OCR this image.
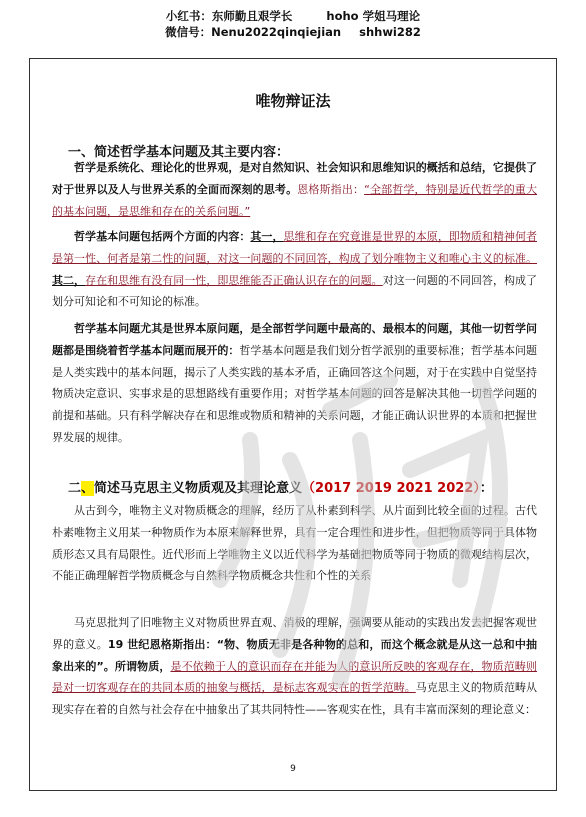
小红书：东师勤且艰学长	hoho 学姐马理论
微信号：Nenu2022qinqiejian shhwi282
唯物辩证法
一、简述哲学基本问题及其主要内容：
哲学是系统化、理论化的世界观，是对自然知识、社会知识和思维知识的概括和总结，它提供了对于世界以及人与世界关系的全面而深刻的思考。恩格斯指出：“全部哲学，特别是近代哲学的重大的基本问题，是思维和存在的关系问题。”
哲学基本问题包括两个方面的内容：其一，思维和存在究竟谁是世界的本原，即物质和精神何者是第一性、何者是第二性的问题，对这一问题的不同回答，构成了划分唯物主义和唯心主义的标准。其二，存在和思维有没有同一性，即思维能否正确认识存在的问题。对这一问题的不同回答，构成了划分可知论和不可知论的标准。
哲学基本问题尤其是世界本原问题，是全部哲学问题中最高的、最根本的问题，其他一切哲学问题都是围绕着哲学基本问题而展开的：哲学基本问题是我们划分哲学派别的重要标准；哲学基本问题是人类实践中的基本问题，揭示了人类实践的基本矛盾，正确回答这个问题，对于在实践中自觉坚持物质决定意识、实事求是的思想路线有重要作用；对哲学基本问题的回答是解决其他一切哲学问题的前提和基础。只有科学解决存在和思维或物质和精神的关系问题，才能正确认识世界的本质和把握世界发展的规律。
二、简述马克思主义物质观及其理论意义（2017 2019 2021 2022）：
从古到今，唯物主义对物质概念的理解，经历了从朴素到科学、从片面到比较全面的过程。古代朴素唯物主义用某一种物质作为本原来解释世界，具有一定合理性和进步性，但把物质等同于具体物质形态又具有局限性。近代形而上学唯物主义以近代科学为基础把物质等同于物质的微观结构层次，不能正确理解哲学物质概念与自然科学物质概念共性和个性的关系
马克思批判了旧唯物主义对物质世界直观、消极的理解，强调要从能动的实践出发去把握客观世界的意义。19 世纪恩格斯指出：“物、物质无非是各种物的总和，而这个概念就是从这一总和中抽象出来的”。所谓物质，是不依赖于人的意识而存在并能为人的意识所反映的客观存在，物质范畴则是对一切客观存在的共同本质的抽象与概括，是标志客观实在的哲学范畴。马克思主义的物质范畴从现实存在着的自然与社会存在中抽象出了其共同特性——客观实在性，具有丰富而深刻的理论意义：
9
